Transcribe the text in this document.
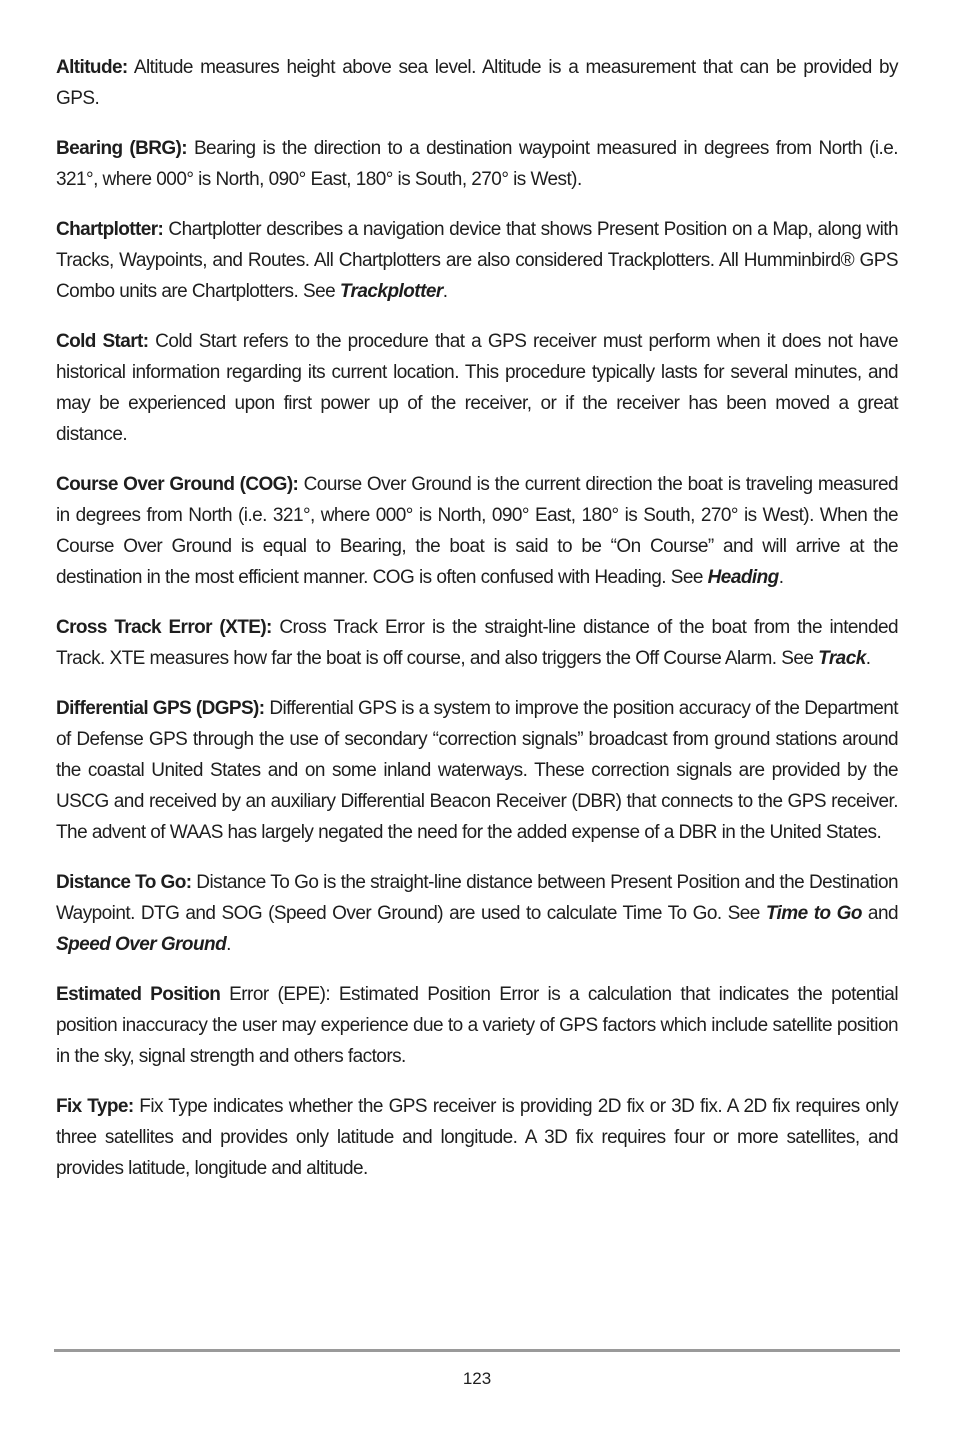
Altitude: Altitude measures height above sea level. Altitude is a measurement that can be provided by GPS.

Bearing (BRG): Bearing is the direction to a destination waypoint measured in degrees from North (i.e. 321°, where 000° is North, 090° East, 180° is South, 270° is West).

Chartplotter: Chartplotter describes a navigation device that shows Present Position on a Map, along with Tracks, Waypoints, and Routes. All Chartplotters are also considered Trackplotters. All Humminbird® GPS Combo units are Chartplotters. See Trackplotter.

Cold Start: Cold Start refers to the procedure that a GPS receiver must perform when it does not have historical information regarding its current location. This procedure typically lasts for several minutes, and may be experienced upon first power up of the receiver, or if the receiver has been moved a great distance.

Course Over Ground (COG): Course Over Ground is the current direction the boat is traveling measured in degrees from North (i.e. 321°, where 000° is North, 090° East, 180° is South, 270° is West). When the Course Over Ground is equal to Bearing, the boat is said to be “On Course” and will arrive at the destination in the most efficient manner. COG is often confused with Heading. See Heading.

Cross Track Error (XTE): Cross Track Error is the straight-line distance of the boat from the intended Track. XTE measures how far the boat is off course, and also triggers the Off Course Alarm. See Track.

Differential GPS (DGPS): Differential GPS is a system to improve the position accuracy of the Department of Defense GPS through the use of secondary “correction signals” broadcast from ground stations around the coastal United States and on some inland waterways. These correction signals are provided by the USCG and received by an auxiliary Differential Beacon Receiver (DBR) that connects to the GPS receiver. The advent of WAAS has largely negated the need for the added expense of a DBR in the United States.

Distance To Go: Distance To Go is the straight-line distance between Present Position and the Destination Waypoint. DTG and SOG (Speed Over Ground) are used to calculate Time To Go. See Time to Go and Speed Over Ground.

Estimated Position Error (EPE): Estimated Position Error is a calculation that indicates the potential position inaccuracy the user may experience due to a variety of GPS factors which include satellite position in the sky, signal strength and others factors.

Fix Type: Fix Type indicates whether the GPS receiver is providing 2D fix or 3D fix. A 2D fix requires only three satellites and provides only latitude and longitude. A 3D fix requires four or more satellites, and provides latitude, longitude and altitude.

123
